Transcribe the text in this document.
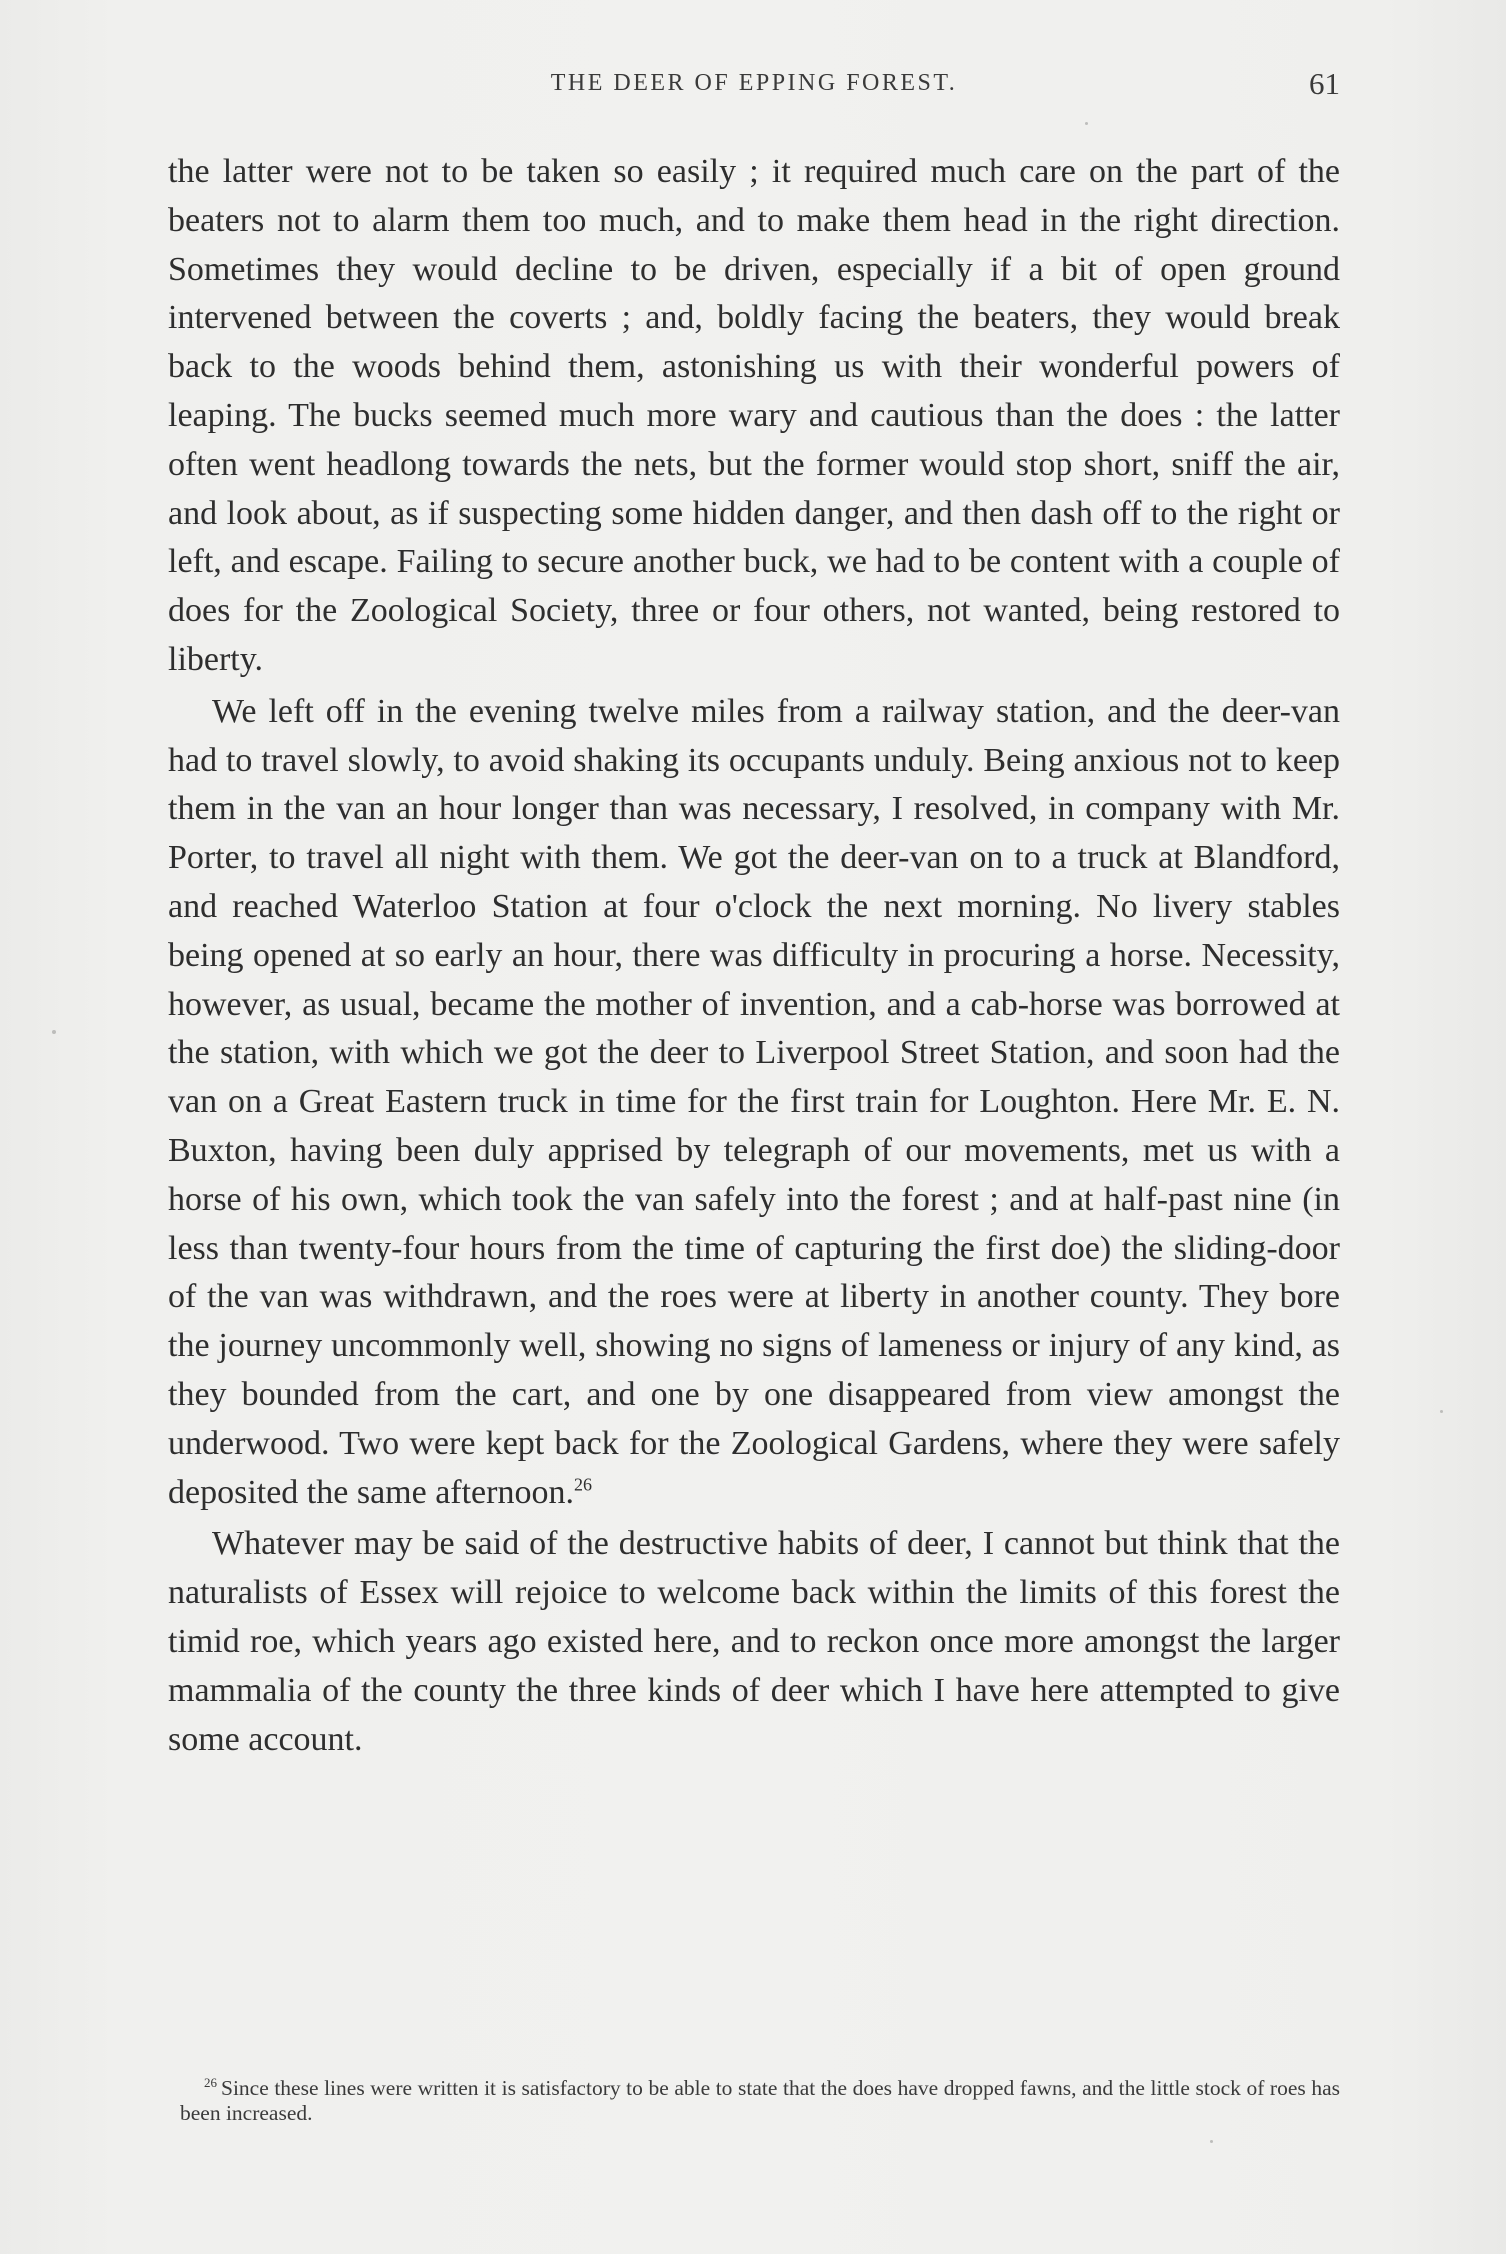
THE DEER OF EPPING FOREST.	61

the latter were not to be taken so easily ; it required much care on the part of the beaters not to alarm them too much, and to make them head in the right direction. Sometimes they would decline to be driven, especially if a bit of open ground intervened between the coverts ; and, boldly facing the beaters, they would break back to the woods behind them, astonishing us with their wonderful powers of leaping. The bucks seemed much more wary and cautious than the does : the latter often went headlong towards the nets, but the former would stop short, sniff the air, and look about, as if suspecting some hidden danger, and then dash off to the right or left, and escape. Failing to secure another buck, we had to be content with a couple of does for the Zoological Society, three or four others, not wanted, being restored to liberty.

We left off in the evening twelve miles from a railway station, and the deer-van had to travel slowly, to avoid shaking its occupants unduly. Being anxious not to keep them in the van an hour longer than was necessary, I resolved, in company with Mr. Porter, to travel all night with them. We got the deer-van on to a truck at Blandford, and reached Waterloo Station at four o'clock the next morning. No livery stables being opened at so early an hour, there was difficulty in procuring a horse. Necessity, however, as usual, became the mother of invention, and a cab-horse was borrowed at the station, with which we got the deer to Liverpool Street Station, and soon had the van on a Great Eastern truck in time for the first train for Loughton. Here Mr. E. N. Buxton, having been duly apprised by telegraph of our movements, met us with a horse of his own, which took the van safely into the forest ; and at half-past nine (in less than twenty-four hours from the time of capturing the first doe) the sliding-door of the van was withdrawn, and the roes were at liberty in another county. They bore the journey uncommonly well, showing no signs of lameness or injury of any kind, as they bounded from the cart, and one by one disappeared from view amongst the underwood. Two were kept back for the Zoological Gardens, where they were safely deposited the same afternoon.$^{26}$

Whatever may be said of the destructive habits of deer, I cannot but think that the naturalists of Essex will rejoice to welcome back within the limits of this forest the timid roe, which years ago existed here, and to reckon once more amongst the larger mammalia of the county the three kinds of deer which I have here attempted to give some account.

$^{26}$ Since these lines were written it is satisfactory to be able to state that the does have dropped fawns, and the little stock of roes has been increased.
